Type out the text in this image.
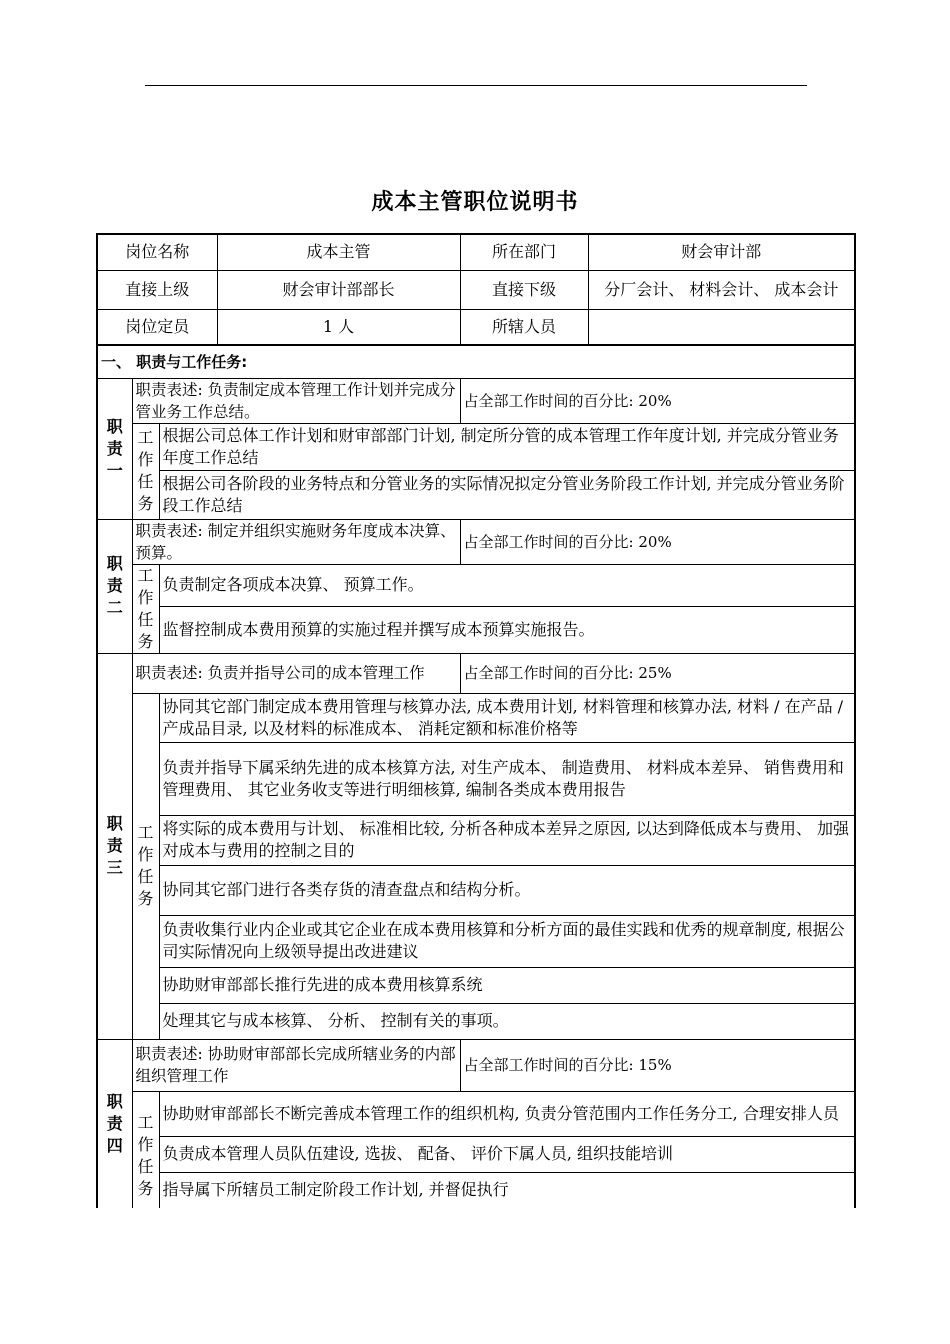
成本主管职位说明书
岗位名称			成本主管	所在部门	财会审计部
直接上级			财会审计部部长	直接下级	分厂会计、 材料会计、 成本会计
岗位定员			1 人	所辖人员	
一、 职责与工作任务:					
职责一	职责表述: 负责制定成本管理工作计划并完成分管业务工作总结。			占全部工作时间的百分比: 20%	
	工作任务	根据公司总体工作计划和财审部部门计划, 制定所分管的成本管理工作年度计划, 并完成分管业务年度工作总结			
		根据公司各阶段的业务特点和分管业务的实际情况拟定分管业务阶段工作计划, 并完成分管业务阶段工作总结			
职责二	职责表述: 制定并组织实施财务年度成本决算、 预算。			占全部工作时间的百分比: 20%	
	工作任务	负责制定各项成本决算、 预算工作。			
		监督控制成本费用预算的实施过程并撰写成本预算实施报告。			
职责三	职责表述: 负责并指导公司的成本管理工作			占全部工作时间的百分比: 25%	
	工作任务	协同其它部门制定成本费用管理与核算办法, 成本费用计划, 材料管理和核算办法, 材料 / 在产品 / 产成品目录, 以及材料的标准成本、 消耗定额和标准价格等			
		负责并指导下属采纳先进的成本核算方法, 对生产成本、 制造费用、 材料成本差异、 销售费用和管理费用、 其它业务收支等进行明细核算, 编制各类成本费用报告			
		将实际的成本费用与计划、 标准相比较, 分析各种成本差异之原因, 以达到降低成本与费用、 加强对成本与费用的控制之目的			
		协同其它部门进行各类存货的清查盘点和结构分析。			
		负责收集行业内企业或其它企业在成本费用核算和分析方面的最佳实践和优秀的规章制度, 根据公司实际情况向上级领导提出改进建议			
		协助财审部部长推行先进的成本费用核算系统			
		处理其它与成本核算、 分析、 控制有关的事项。			
职责四	职责表述: 协助财审部部长完成所辖业务的内部组织管理工作			占全部工作时间的百分比: 15%	
	工作任务	协助财审部部长不断完善成本管理工作的组织机构, 负责分管范围内工作任务分工, 合理安排人员			
		负责成本管理人员队伍建设, 选拔、 配备、 评价下属人员, 组织技能培训			
		指导属下所辖员工制定阶段工作计划, 并督促执行			
